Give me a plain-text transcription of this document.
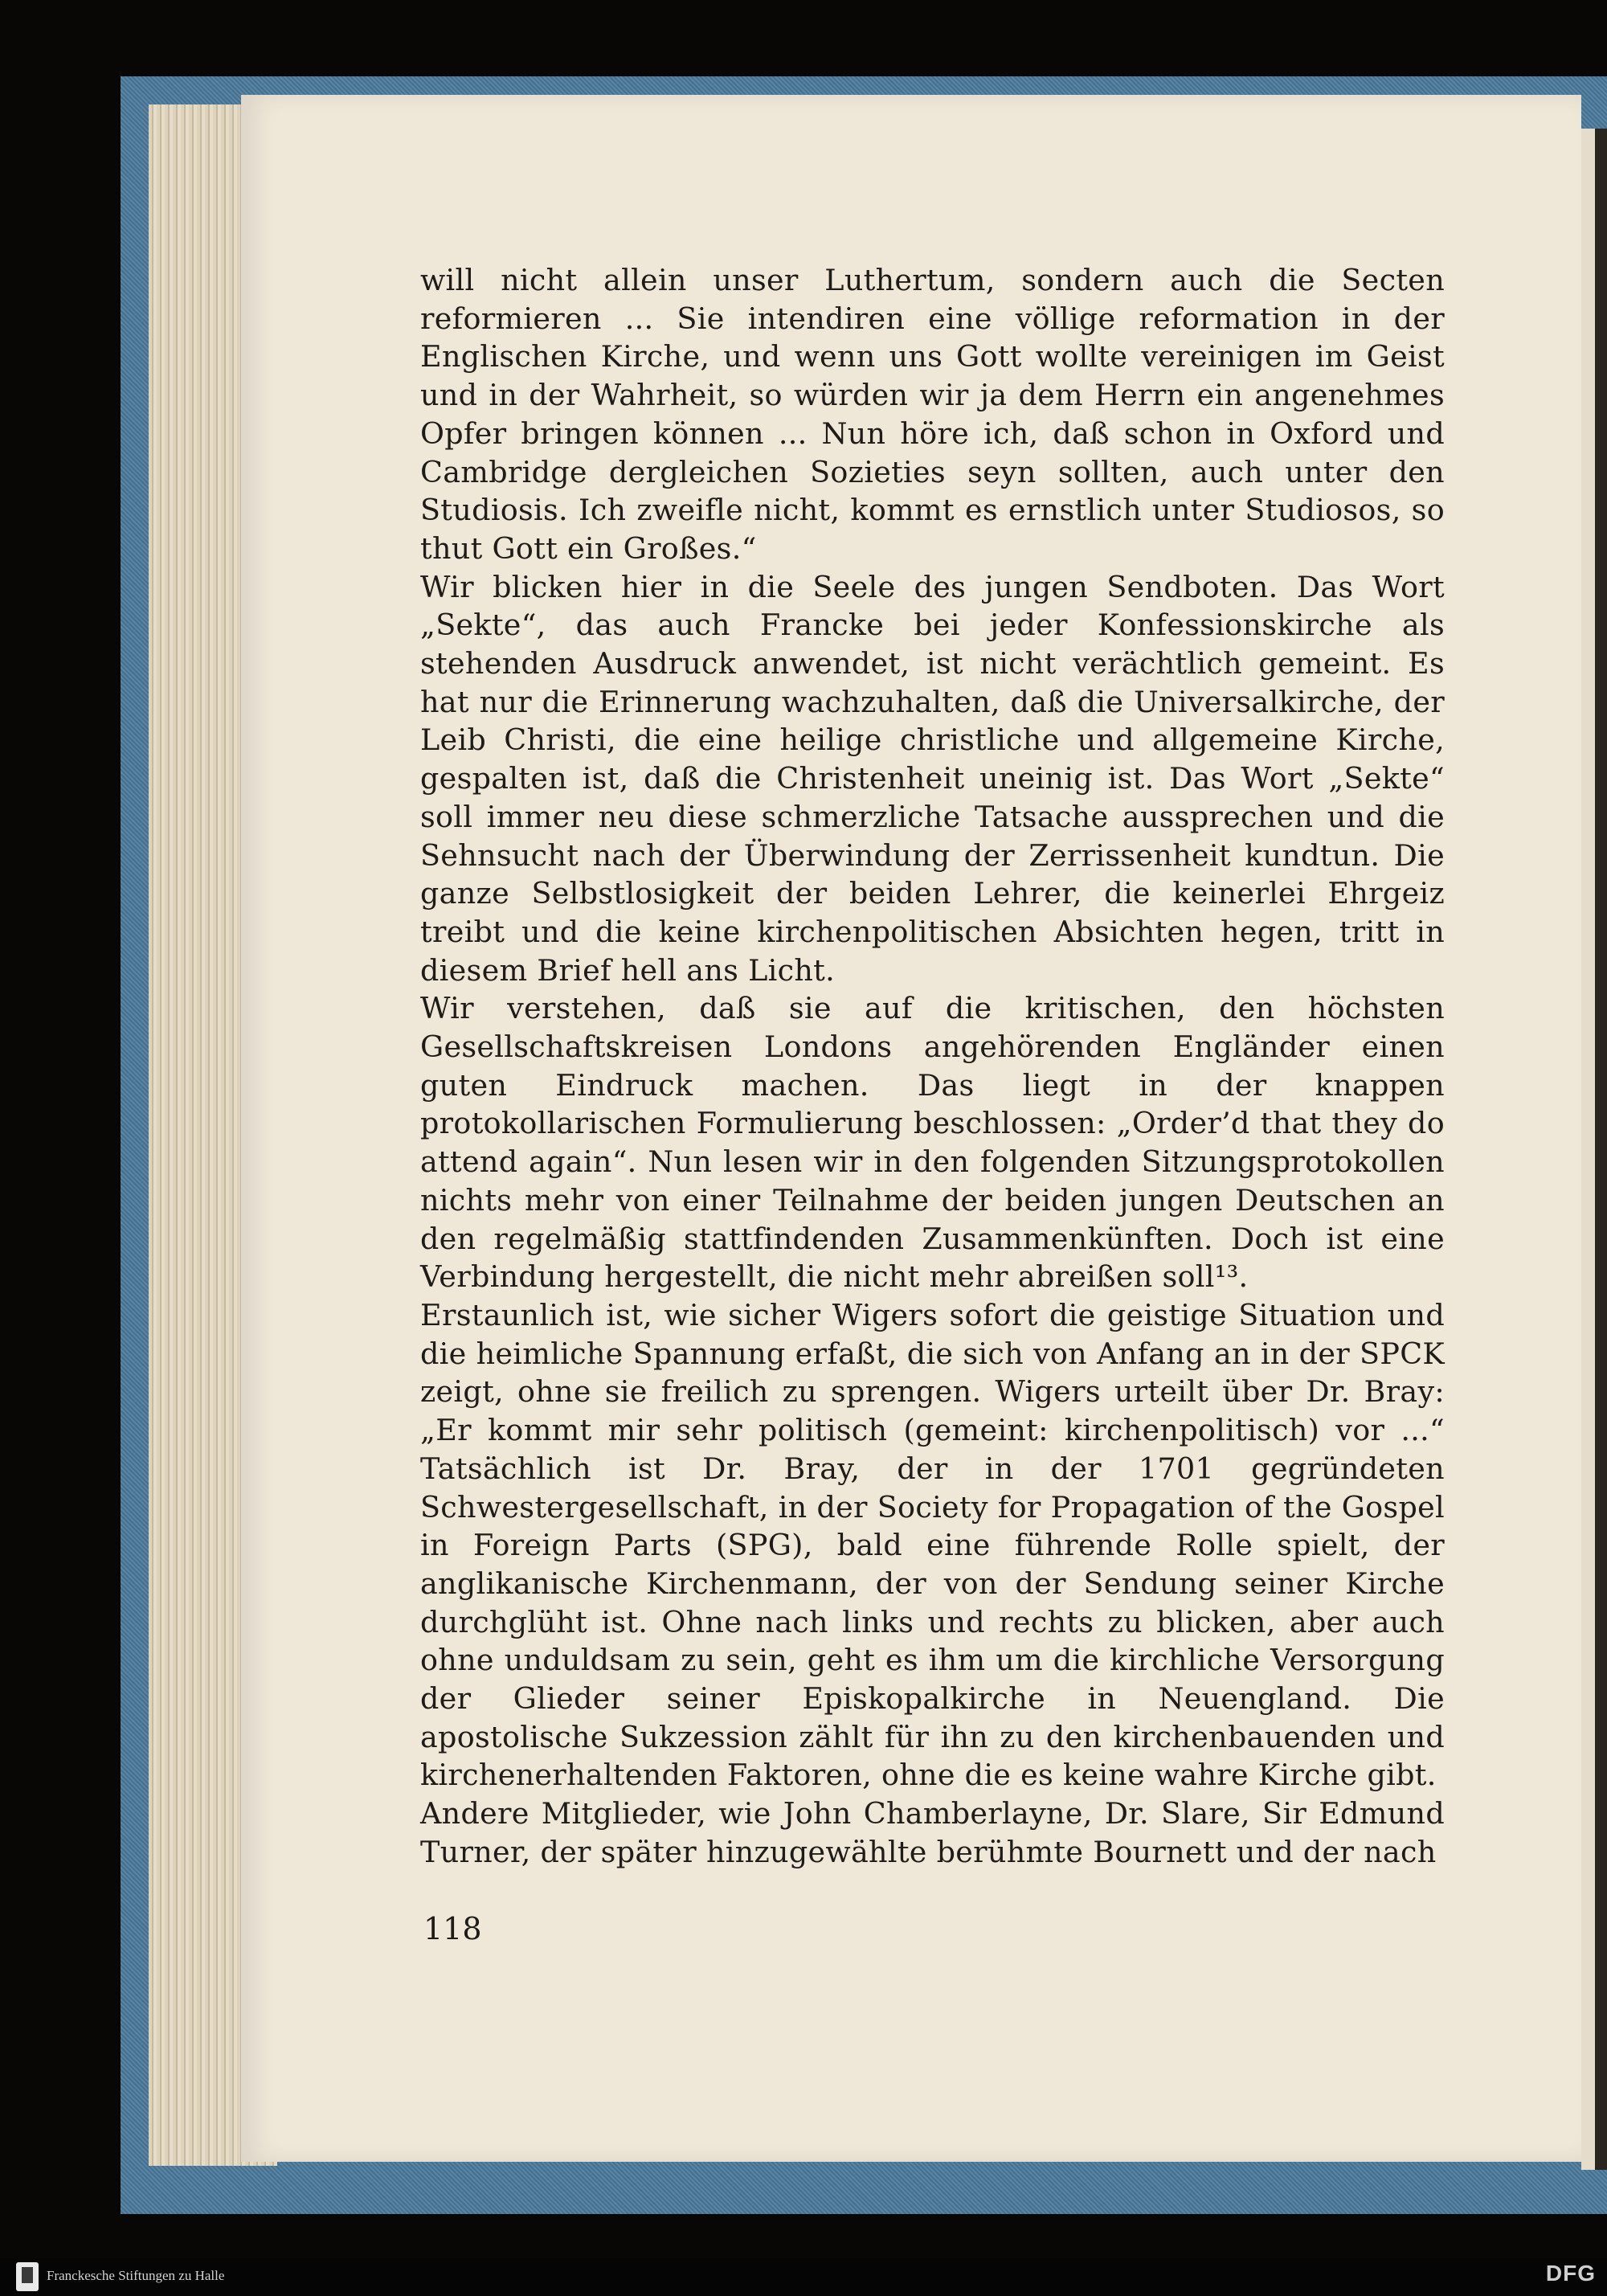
will nicht allein unser Luthertum, sondern auch die Secten reformieren ... Sie intendiren eine völlige reformation in der Englischen Kirche, und wenn uns Gott wollte vereinigen im Geist und in der Wahrheit, so würden wir ja dem Herrn ein angenehmes Opfer bringen können ... Nun höre ich, daß schon in Oxford und Cambridge dergleichen Sozieties seyn sollten, auch unter den Studiosis. Ich zweifle nicht, kommt es ernstlich unter Studiosos, so thut Gott ein Großes.“

Wir blicken hier in die Seele des jungen Sendboten. Das Wort „Sekte“, das auch Francke bei jeder Konfessionskirche als stehenden Ausdruck anwendet, ist nicht verächtlich gemeint. Es hat nur die Erinnerung wachzuhalten, daß die Universalkirche, der Leib Christi, die eine heilige christliche und allgemeine Kirche, gespalten ist, daß die Christenheit uneinig ist. Das Wort „Sekte“ soll immer neu diese schmerzliche Tatsache aussprechen und die Sehnsucht nach der Überwindung der Zerrissenheit kundtun. Die ganze Selbstlosigkeit der beiden Lehrer, die keinerlei Ehrgeiz treibt und die keine kirchenpolitischen Absichten hegen, tritt in diesem Brief hell ans Licht.

Wir verstehen, daß sie auf die kritischen, den höchsten Gesellschaftskreisen Londons angehörenden Engländer einen guten Eindruck machen. Das liegt in der knappen protokollarischen Formulierung beschlossen: „Order’d that they do attend again“. Nun lesen wir in den folgenden Sitzungsprotokollen nichts mehr von einer Teilnahme der beiden jungen Deutschen an den regelmäßig stattfindenden Zusammenkünften. Doch ist eine Verbindung hergestellt, die nicht mehr abreißen soll¹³.

Erstaunlich ist, wie sicher Wigers sofort die geistige Situation und die heimliche Spannung erfaßt, die sich von Anfang an in der SPCK zeigt, ohne sie freilich zu sprengen. Wigers urteilt über Dr. Bray: „Er kommt mir sehr politisch (gemeint: kirchenpolitisch) vor ...“ Tatsächlich ist Dr. Bray, der in der 1701 gegründeten Schwestergesellschaft, in der Society for Propagation of the Gospel in Foreign Parts (SPG), bald eine führende Rolle spielt, der anglikanische Kirchenmann, der von der Sendung seiner Kirche durchglüht ist. Ohne nach links und rechts zu blicken, aber auch ohne unduldsam zu sein, geht es ihm um die kirchliche Versorgung der Glieder seiner Episkopalkirche in Neuengland. Die apostolische Sukzession zählt für ihn zu den kirchenbauenden und kirchenerhaltenden Faktoren, ohne die es keine wahre Kirche gibt.

Andere Mitglieder, wie John Chamberlayne, Dr. Slare, Sir Edmund Turner, der später hinzugewählte berühmte Bournett und der nach

118
Franckesche Stiftungen zu Halle	DFG
